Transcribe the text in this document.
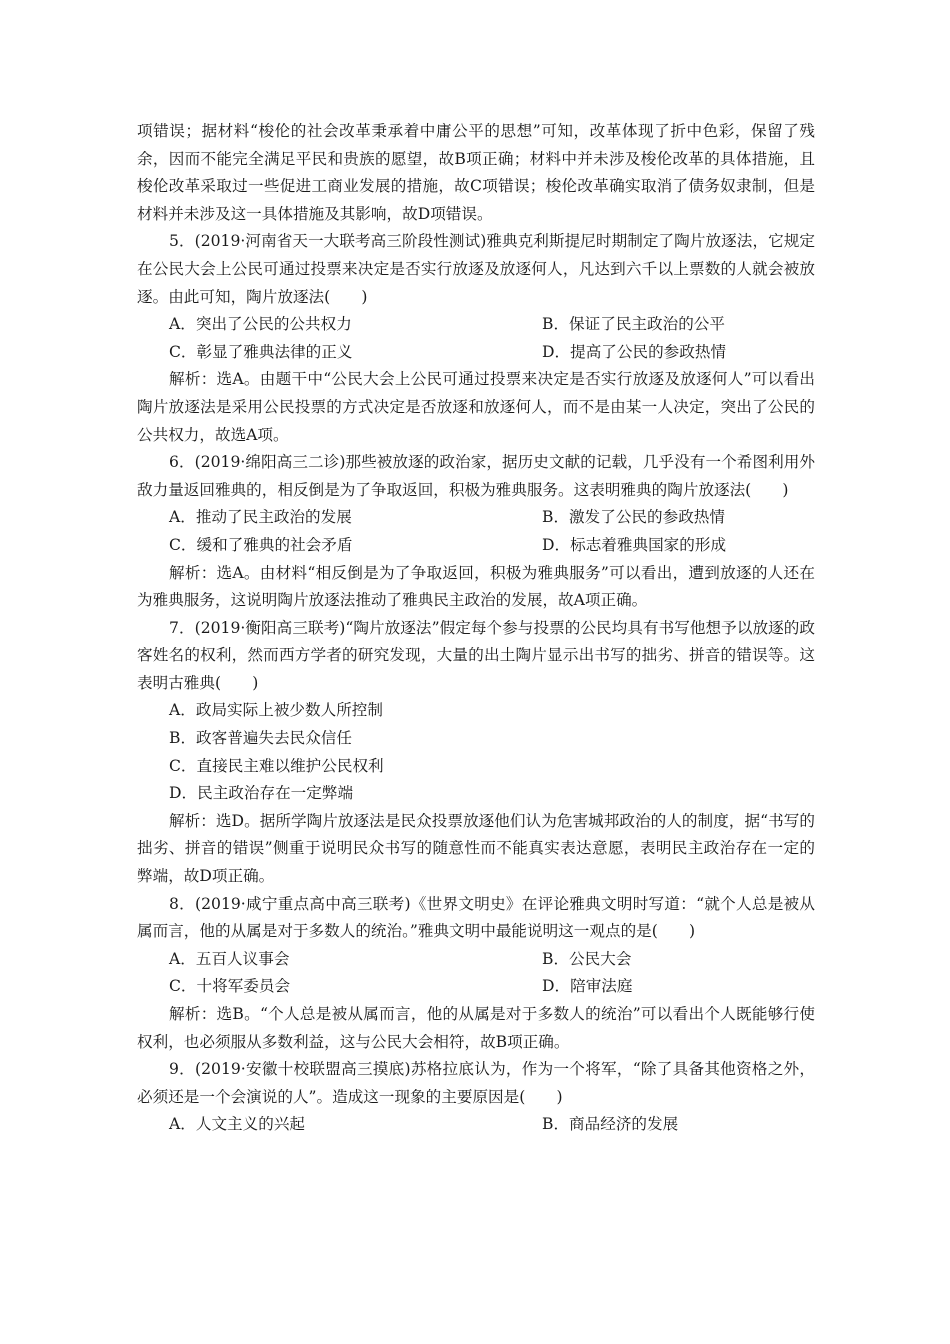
项错误；据材料“梭伦的社会改革秉承着中庸公平的思想”可知，改革体现了折中色彩，保留了残余，因而不能完全满足平民和贵族的愿望，故B项正确；材料中并未涉及梭伦改革的具体措施，且梭伦改革采取过一些促进工商业发展的措施，故C项错误；梭伦改革确实取消了债务奴隶制，但是材料并未涉及这一具体措施及其影响，故D项错误。

5．(2019·河南省天一大联考高三阶段性测试)雅典克利斯提尼时期制定了陶片放逐法，它规定在公民大会上公民可通过投票来决定是否实行放逐及放逐何人，凡达到六千以上票数的人就会被放逐。由此可知，陶片放逐法(　　)

A．突出了公民的公共权力	B．保证了民主政治的公平
C．彰显了雅典法律的正义	D．提高了公民的参政热情

解析：选A。由题干中“公民大会上公民可通过投票来决定是否实行放逐及放逐何人”可以看出陶片放逐法是采用公民投票的方式决定是否放逐和放逐何人，而不是由某一人决定，突出了公民的公共权力，故选A项。

6．(2019·绵阳高三二诊)那些被放逐的政治家，据历史文献的记载，几乎没有一个希图利用外敌力量返回雅典的，相反倒是为了争取返回，积极为雅典服务。这表明雅典的陶片放逐法(　　)

A．推动了民主政治的发展	B．激发了公民的参政热情
C．缓和了雅典的社会矛盾	D．标志着雅典国家的形成

解析：选A。由材料“相反倒是为了争取返回，积极为雅典服务”可以看出，遭到放逐的人还在为雅典服务，这说明陶片放逐法推动了雅典民主政治的发展，故A项正确。

7．(2019·衡阳高三联考)“陶片放逐法”假定每个参与投票的公民均具有书写他想予以放逐的政客姓名的权利，然而西方学者的研究发现，大量的出土陶片显示出书写的拙劣、拼音的错误等。这表明古雅典(　　)

A．政局实际上被少数人所控制

B．政客普遍失去民众信任

C．直接民主难以维护公民权利

D．民主政治存在一定弊端

解析：选D。据所学陶片放逐法是民众投票放逐他们认为危害城邦政治的人的制度，据“书写的拙劣、拼音的错误”侧重于说明民众书写的随意性而不能真实表达意愿，表明民主政治存在一定的弊端，故D项正确。

8．(2019·咸宁重点高中高三联考)《世界文明史》在评论雅典文明时写道：“就个人总是被从属而言，他的从属是对于多数人的统治。”雅典文明中最能说明这一观点的是(　　)

A．五百人议事会	B．公民大会
C．十将军委员会	D．陪审法庭

解析：选B。“个人总是被从属而言，他的从属是对于多数人的统治”可以看出个人既能够行使权利，也必须服从多数利益，这与公民大会相符，故B项正确。

9．(2019·安徽十校联盟高三摸底)苏格拉底认为，作为一个将军，“除了具备其他资格之外，必须还是一个会演说的人”。造成这一现象的主要原因是(　　)

A．人文主义的兴起	B．商品经济的发展
